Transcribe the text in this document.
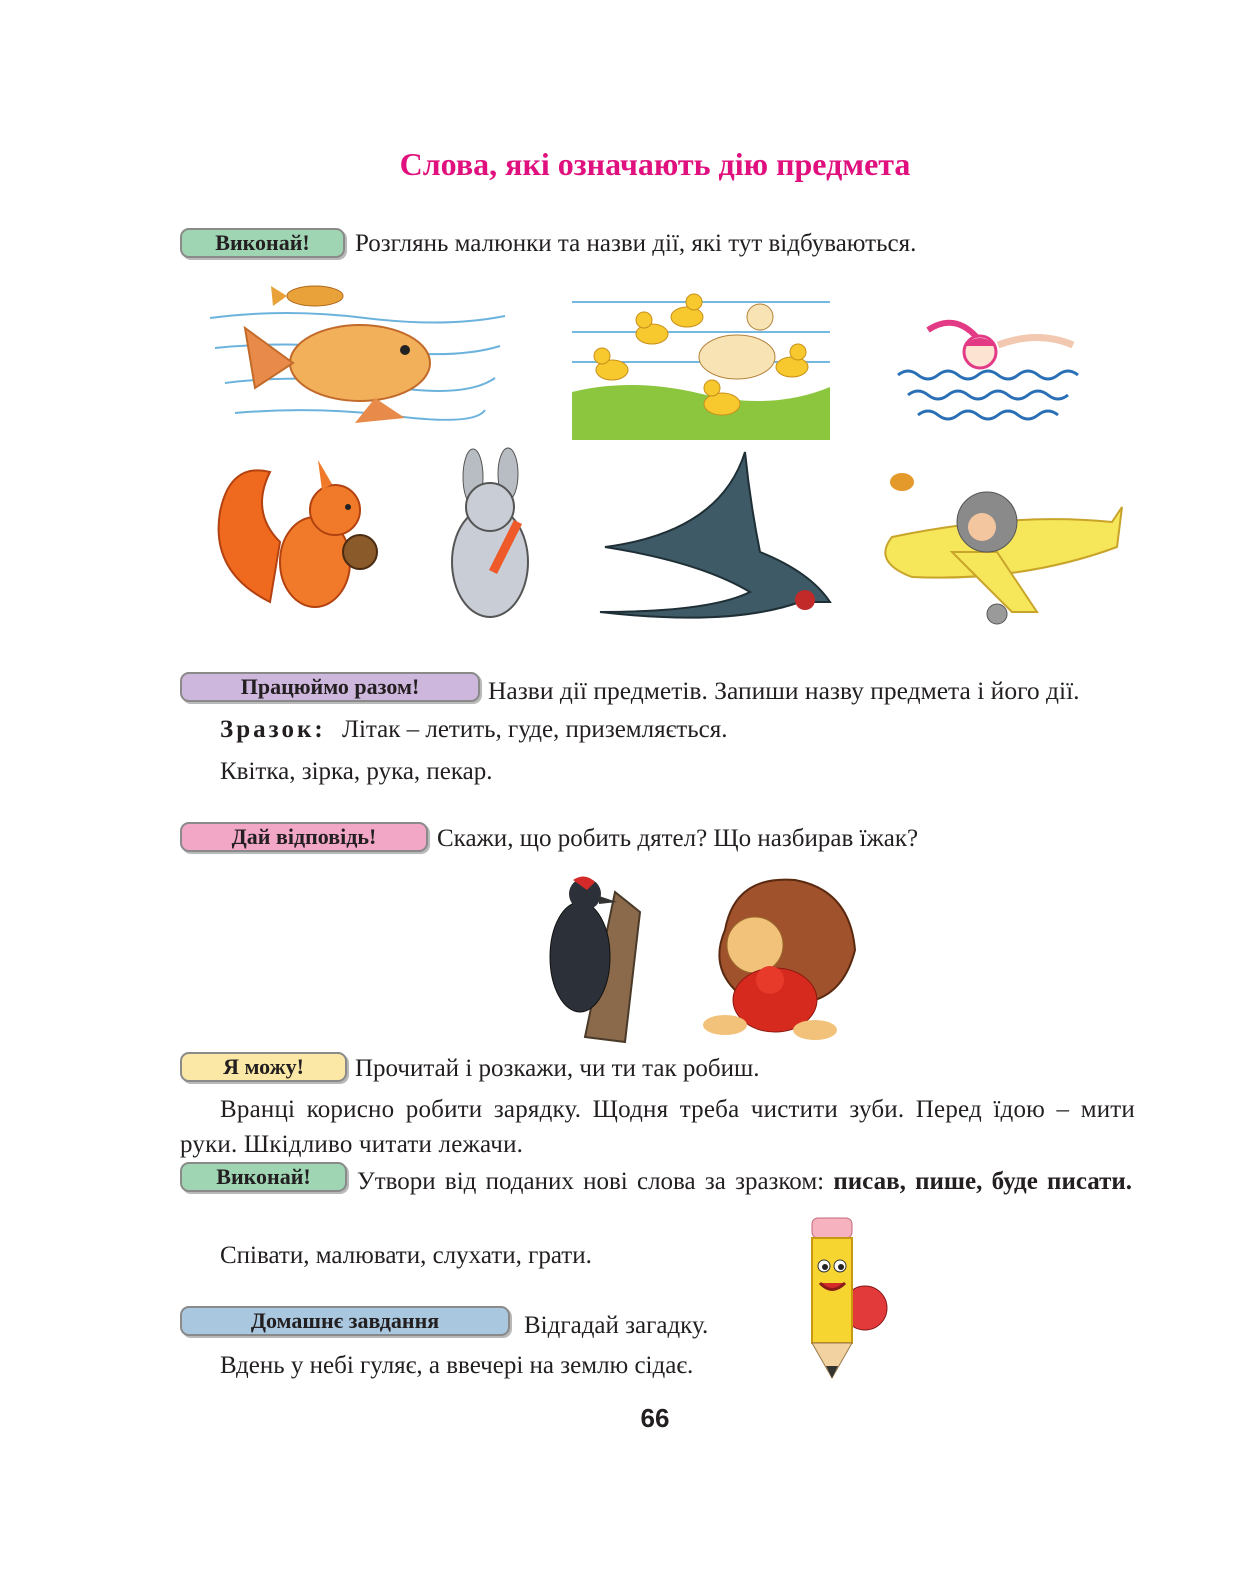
Слова, які означають дію предмета
Виконай!	Розглянь малюнки та назви дії, які тут відбуваються.
Працюймо разом!	Назви дії предметів. Запиши назву предмета і його дії.
Зразок: Літак – летить, гуде, приземляється.
Квітка, зірка, рука, пекар.
Дай відповідь!	Скажи, що робить дятел? Що назбирав їжак?
Я можу!	Прочитай і розкажи, чи ти так робиш.
Вранці корисно робити зарядку. Щодня треба чистити зуби. Перед їдою – мити руки. Шкідливо читати лежачи.
Виконай!	Утвори від поданих нові слова за зразком: писав, пише, буде писати.
Співати, малювати, слухати, грати.
Домашнє завдання	Відгадай загадку.
Вдень у небі гуляє, а ввечері на землю сідає.
66
